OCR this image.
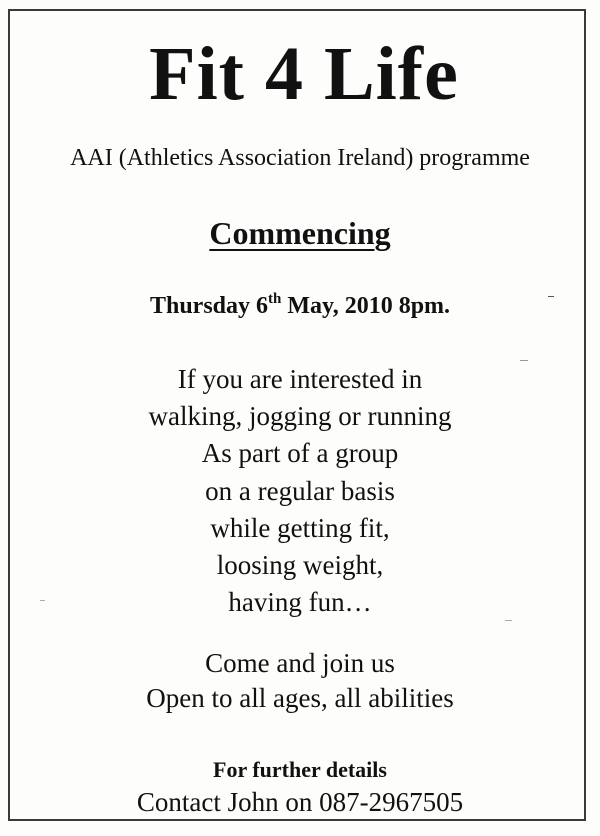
Fit 4 Life
AAI (Athletics Association Ireland) programme
Commencing
Thursday 6th May, 2010 8pm.
If you are interested in
walking, jogging or running
As part of a group
on a regular basis
while getting fit,
loosing weight,
having fun…
Come and join us
Open to all ages, all abilities
For further details
Contact John on 087-2967505
